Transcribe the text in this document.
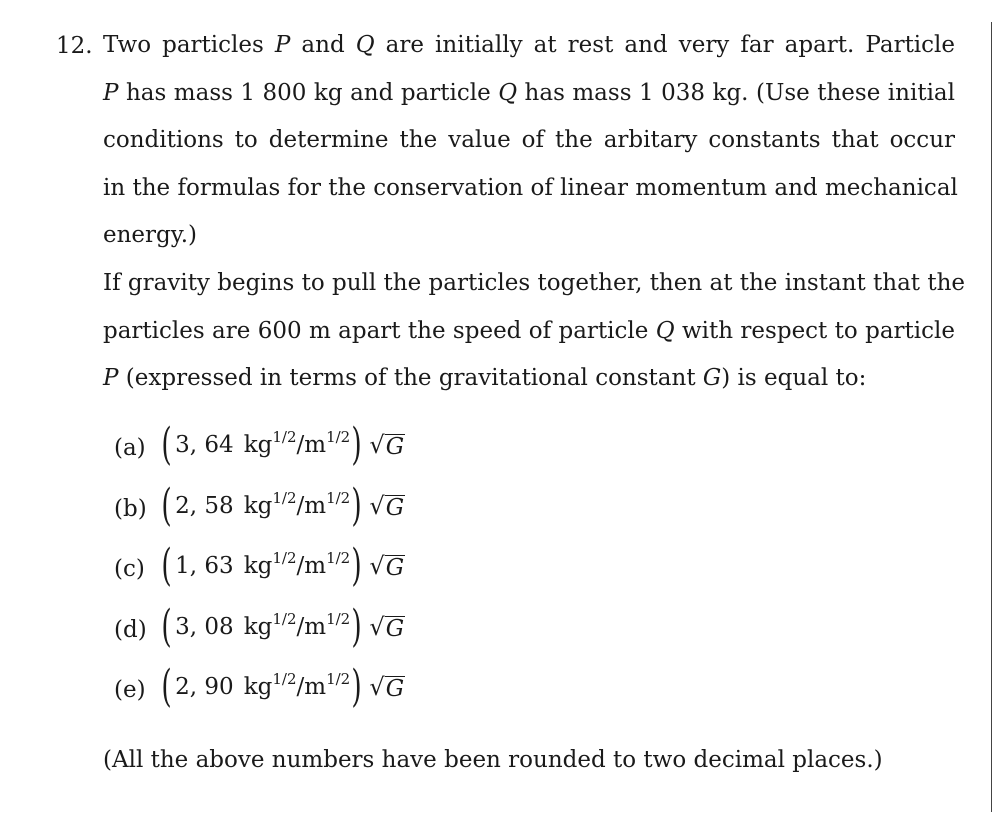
12. Two particles P and Q are initially at rest and very far apart. Particle
P has mass 1 800 kg and particle Q has mass 1 038 kg. (Use these initial
conditions to determine the value of the arbitary constants that occur
in the formulas for the conservation of linear momentum and mechanical
energy.)
If gravity begins to pull the particles together, then at the instant that the
particles are 600 m apart the speed of particle Q with respect to particle
P (expressed in terms of the gravitational constant G) is equal to:
(a) ( 3, 64 $kg^{1/2}/m^{1/2}$ ) √ G
(b) ( 2, 58 $kg^{1/2}/m^{1/2}$ ) √ G
(c) ( 1, 63 $kg^{1/2}/m^{1/2}$ ) √ G
(d) ( 3, 08 $kg^{1/2}/m^{1/2}$ ) √ G
(e) ( 2, 90 $kg^{1/2}/m^{1/2}$ ) √ G
(All the above numbers have been rounded to two decimal places.)
